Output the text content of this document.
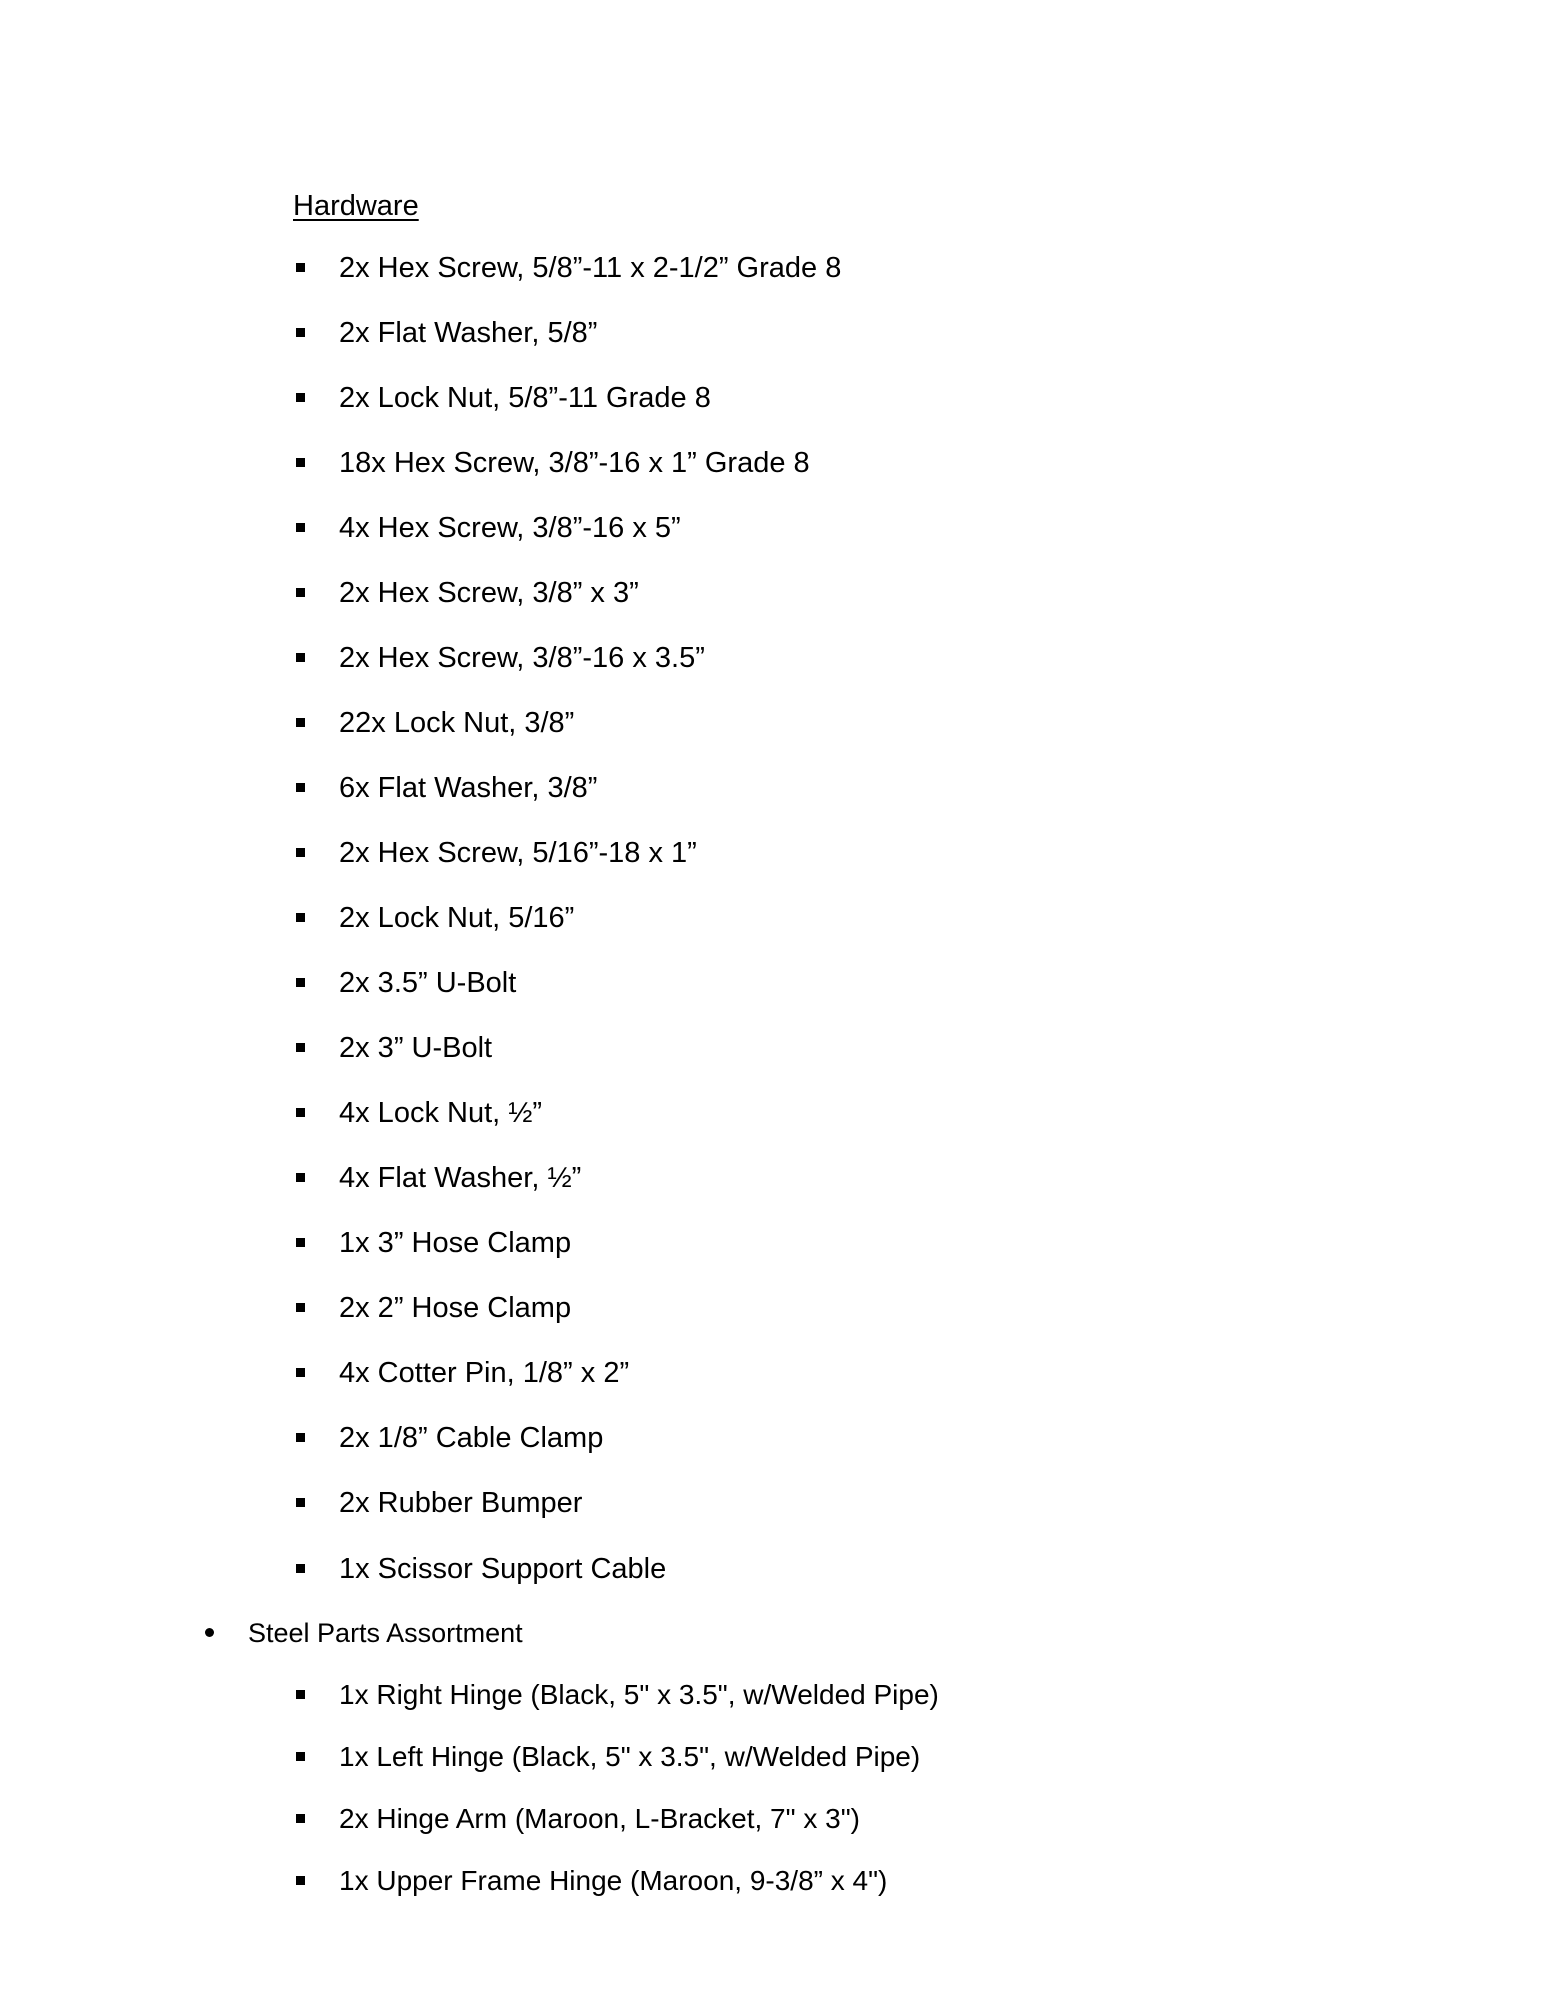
Hardware
2x Hex Screw, 5/8”-11 x 2-1/2” Grade 8
2x Flat Washer, 5/8”
2x Lock Nut, 5/8”-11 Grade 8
18x Hex Screw, 3/8”-16 x 1” Grade 8
4x Hex Screw, 3/8”-16 x 5”
2x Hex Screw, 3/8” x 3”
2x Hex Screw, 3/8”-16 x 3.5”
22x Lock Nut, 3/8”
6x Flat Washer, 3/8”
2x Hex Screw, 5/16”-18 x 1”
2x Lock Nut, 5/16”
2x 3.5” U-Bolt
2x 3” U-Bolt
4x Lock Nut, ½”
4x Flat Washer, ½”
1x 3” Hose Clamp
2x 2” Hose Clamp
4x Cotter Pin, 1/8” x 2”
2x 1/8” Cable Clamp
2x Rubber Bumper
1x Scissor Support Cable
Steel Parts Assortment
1x Right Hinge (Black, 5" x 3.5", w/Welded Pipe)
1x Left Hinge (Black, 5" x 3.5", w/Welded Pipe)
2x Hinge Arm (Maroon, L-Bracket, 7" x 3")
1x Upper Frame Hinge (Maroon, 9-3/8” x 4")
